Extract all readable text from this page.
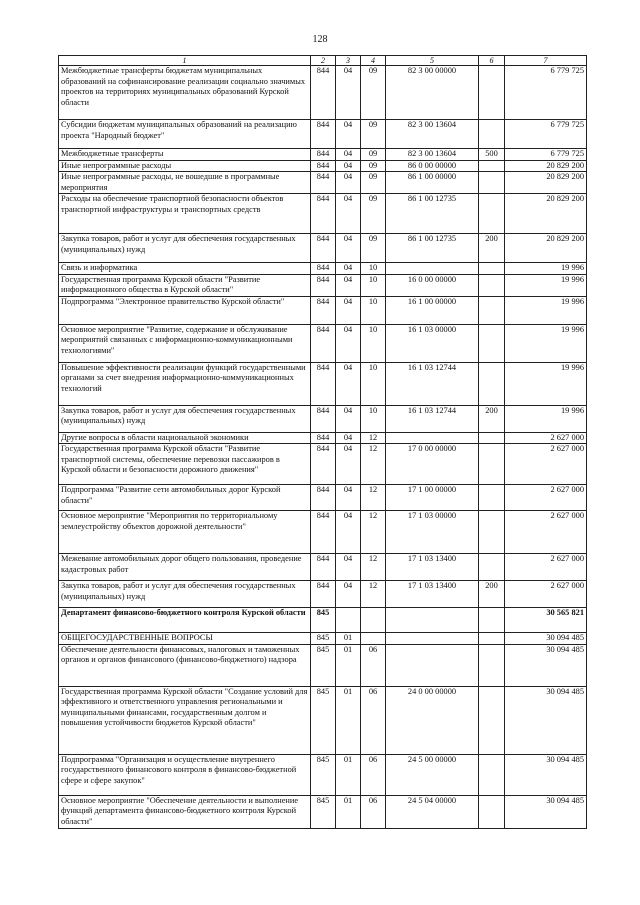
128
1	2	3	4	5	6	7
Межбюджетные трансферты бюджетам муниципальных образований на софинансирование реализации социально значимых проектов на территориях муниципальных образований Курской области	844	04	09	82 3 00 00000		6 779 725
Субсидии бюджетам муниципальных образований на реализацию проекта "Народный бюджет"	844	04	09	82 3 00 13604		6 779 725
Межбюджетные трансферты	844	04	09	82 3 00 13604	500	6 779 725
Иные непрограммные расходы	844	04	09	86 0 00 00000		20 829 200
Иные непрограммные расходы, не вошедшие в программные мероприятия	844	04	09	86 1 00 00000		20 829 200
Расходы на обеспечение транспортной безопасности объектов транспортной инфраструктуры и транспортных средств	844	04	09	86 1 00 12735		20 829 200
Закупка товаров, работ и услуг для обеспечения государственных (муниципальных) нужд	844	04	09	86 1 00 12735	200	20 829 200
Связь и информатика	844	04	10			19 996
Государственная программа Курской области "Развитие информационного общества в Курской области"	844	04	10	16 0 00 00000		19 996
Подпрограмма "Электронное правительство Курской области"	844	04	10	16 1 00 00000		19 996
Основное мероприятие "Развитие, содержание и обслуживание мероприятий связанных с информационно-коммуникационными технологиями"	844	04	10	16 1 03 00000		19 996
Повышение эффективности реализации функций государственными органами за счет внедрения информационно-коммуникационных технологий	844	04	10	16 1 03 12744		19 996
Закупка товаров, работ и услуг для обеспечения государственных (муниципальных) нужд	844	04	10	16 1 03 12744	200	19 996
Другие вопросы в области национальной экономики	844	04	12			2 627 000
Государственная программа Курской области "Развитие транспортной системы, обеспечение перевозки пассажиров в Курской области и безопасности дорожного движения"	844	04	12	17 0 00 00000		2 627 000
Подпрограмма "Развитие сети автомобильных дорог Курской области"	844	04	12	17 1 00 00000		2 627 000
Основное мероприятие "Мероприятия по территориальному землеустройству объектов дорожной деятельности"	844	04	12	17 1 03 00000		2 627 000
Межевание автомобильных дорог общего пользования, проведение кадастровых работ	844	04	12	17 1 03 13400		2 627 000
Закупка товаров, работ и услуг для обеспечения государственных (муниципальных) нужд	844	04	12	17 1 03 13400	200	2 627 000
Департамент финансово-бюджетного контроля Курской области	845					30 565 821
ОБЩЕГОСУДАРСТВЕННЫЕ ВОПРОСЫ	845	01				30 094 485
Обеспечение деятельности финансовых, налоговых и таможенных органов и органов финансового (финансово-бюджетного) надзора	845	01	06			30 094 485
Государственная программа Курской области "Создание условий для эффективного и ответственного управления региональными и муниципальными финансами, государственным долгом и повышения устойчивости бюджетов Курской области"	845	01	06	24 0 00 00000		30 094 485
Подпрограмма "Организация и осуществление внутреннего государственного финансового контроля в финансово-бюджетной сфере и сфере закупок"	845	01	06	24 5 00 00000		30 094 485
Основное мероприятие "Обеспечение деятельности и выполнение функций департамента финансово-бюджетного контроля Курской области"	845	01	06	24 5 04 00000		30 094 485
